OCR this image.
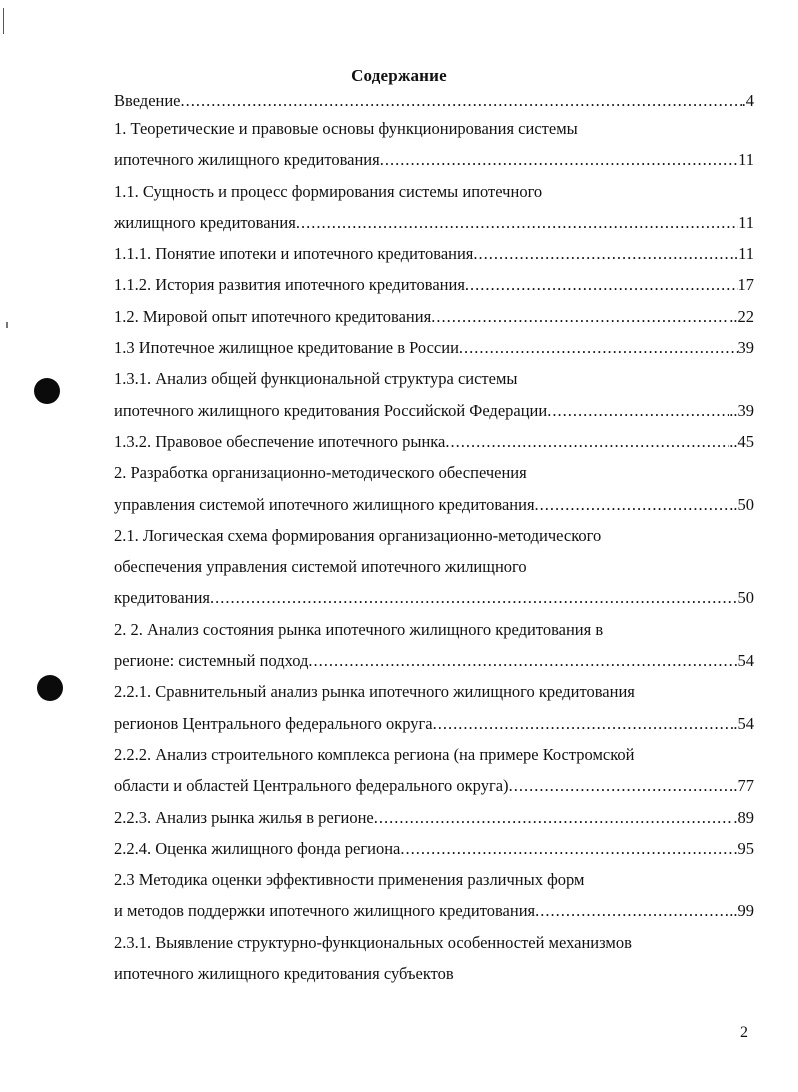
Содержание
Введение .....	.4
1. Теоретические и правовые основы функционирования системы
ипотечного жилищного кредитования .....	11
1.1. Сущность и процесс формирования системы ипотечного
жилищного кредитования .....	11
1.1.1. Понятие ипотеки и ипотечного кредитования .....	.11
1.1.2. История развития ипотечного кредитования .....	17
1.2. Мировой опыт ипотечного кредитования .....	..22
1.3 Ипотечное жилищное кредитование в России .....	39
1.3.1. Анализ общей функциональной структура системы
ипотечного жилищного кредитования Российской Федерации .....	..39
1.3.2. Правовое обеспечение ипотечного рынка .....	..45
2. Разработка организационно-методического обеспечения
управления системой ипотечного жилищного кредитования .....	.50
2.1. Логическая схема формирования организационно-методического
обеспечения управления системой ипотечного жилищного
кредитования .....	50
2. 2. Анализ состояния рынка ипотечного жилищного кредитования в
регионе: системный подход .....	54
2.2.1. Сравнительный анализ рынка ипотечного жилищного кредитования
регионов Центрального федерального округа .....	.54
2.2.2. Анализ строительного комплекса региона (на примере Костромской
области и областей Центрального федерального округа) .....	.77
2.2.3. Анализ рынка жилья в регионе .....	.89
2.2.4. Оценка жилищного фонда региона .....	95
2.3 Методика оценки эффективности применения различных форм
и методов поддержки ипотечного жилищного кредитования .....	..99
2.3.1. Выявление структурно-функциональных особенностей механизмов
ипотечного жилищного кредитования субъектов
2
